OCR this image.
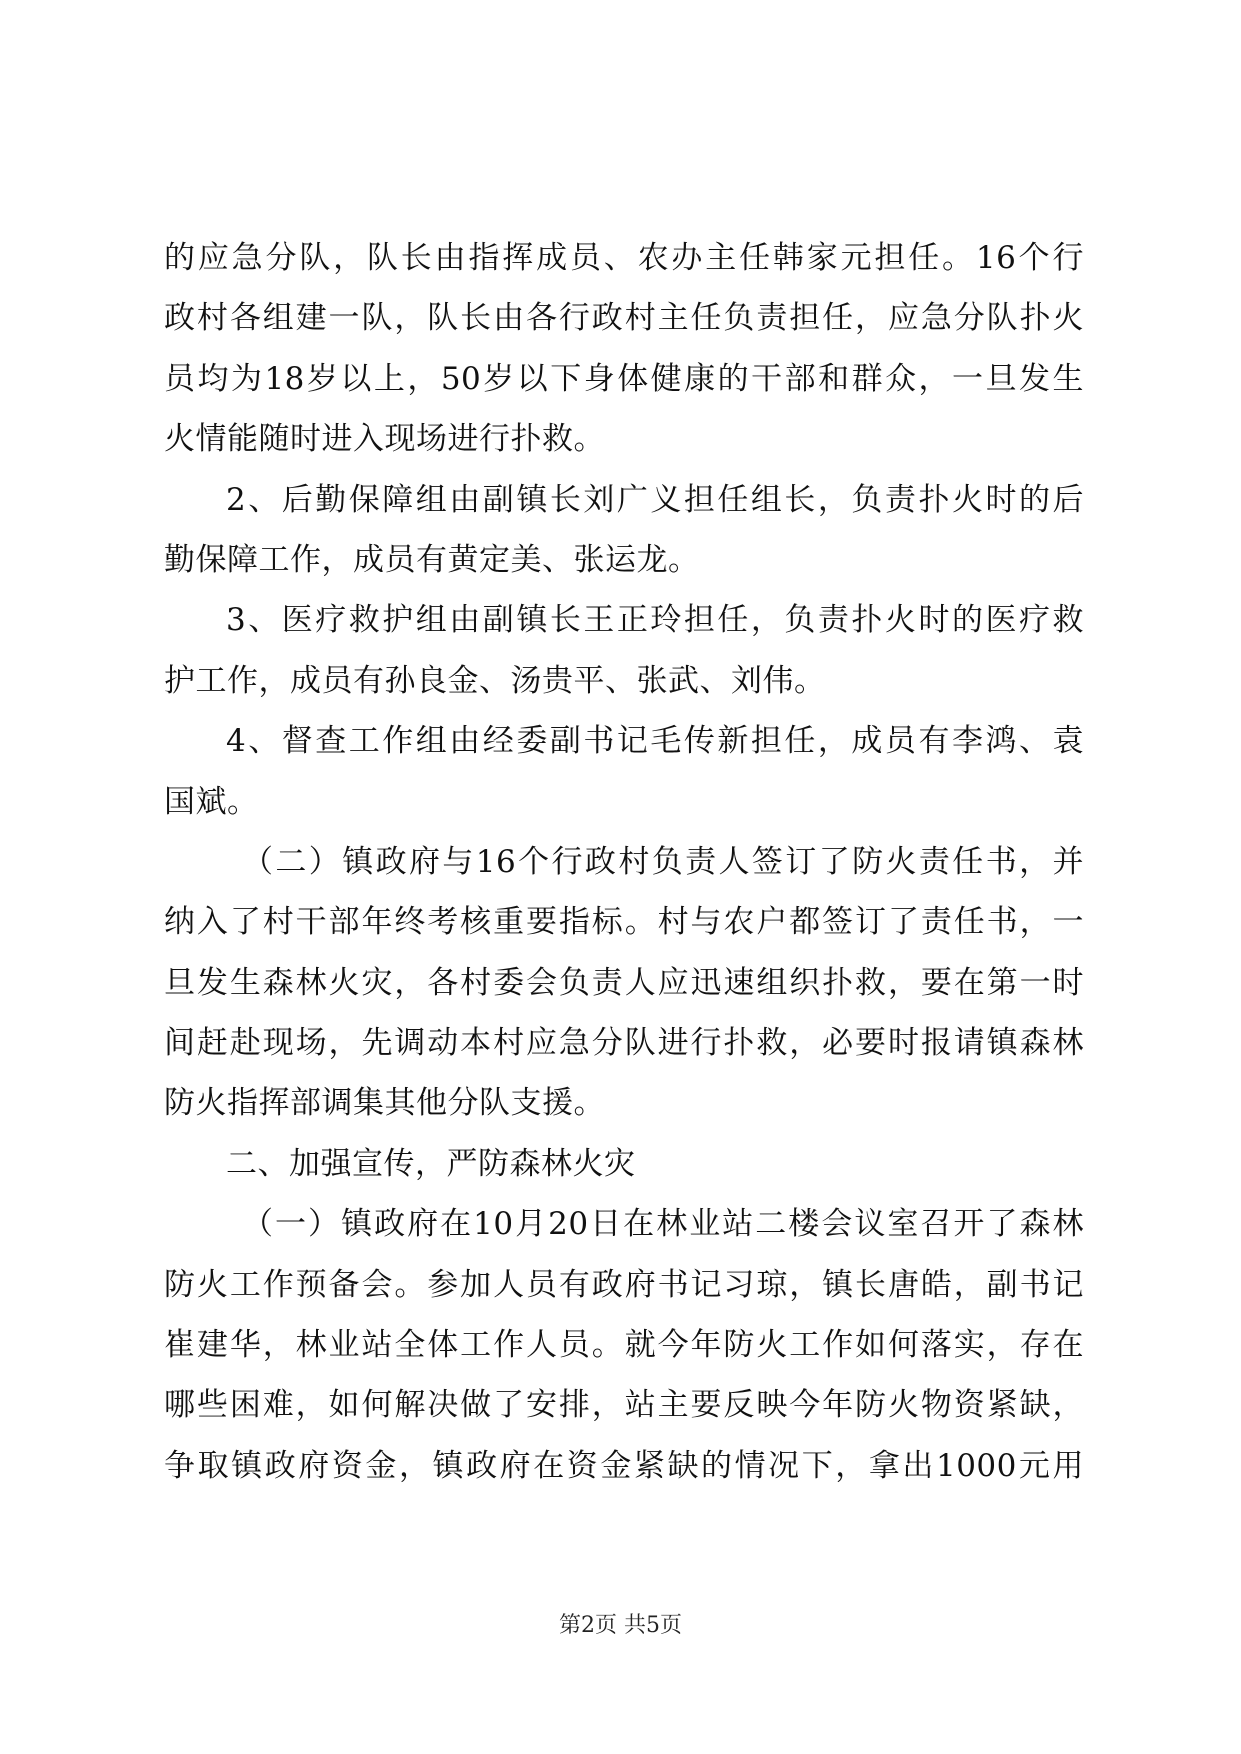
的应急分队，队长由指挥成员、农办主任韩家元担任。16个行
政村各组建一队，队长由各行政村主任负责担任，应急分队扑火
员均为18岁以上，50岁以下身体健康的干部和群众，一旦发生
火情能随时进入现场进行扑救。
2、后勤保障组由副镇长刘广义担任组长，负责扑火时的后
勤保障工作，成员有黄定美、张运龙。
3、医疗救护组由副镇长王正玲担任，负责扑火时的医疗救
护工作，成员有孙良金、汤贵平、张武、刘伟。
4、督查工作组由经委副书记毛传新担任，成员有李鸿、袁
国斌。
（二）镇政府与16个行政村负责人签订了防火责任书，并
纳入了村干部年终考核重要指标。村与农户都签订了责任书，一
旦发生森林火灾，各村委会负责人应迅速组织扑救，要在第一时
间赶赴现场，先调动本村应急分队进行扑救，必要时报请镇森林
防火指挥部调集其他分队支援。
二、加强宣传，严防森林火灾
（一）镇政府在10月20日在林业站二楼会议室召开了森林
防火工作预备会。参加人员有政府书记习琼，镇长唐皓，副书记
崔建华，林业站全体工作人员。就今年防火工作如何落实，存在
哪些困难，如何解决做了安排，站主要反映今年防火物资紧缺，
争取镇政府资金，镇政府在资金紧缺的情况下，拿出1000元用
第2页 共5页
